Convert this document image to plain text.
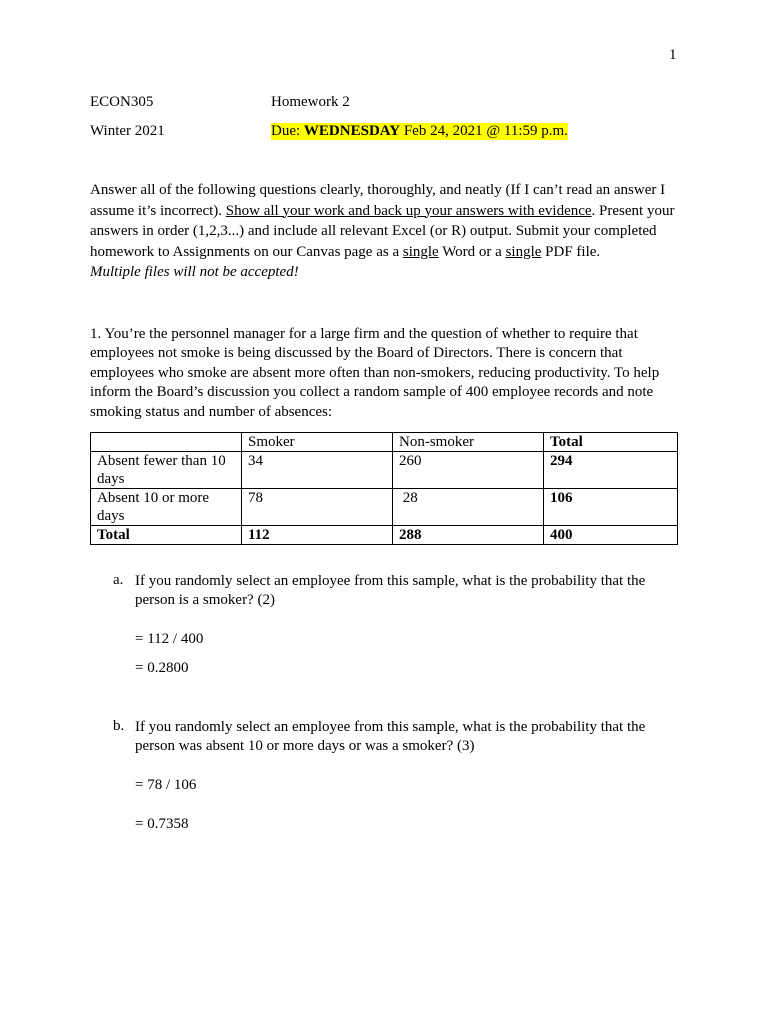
1
ECON305	Homework 2
Winter 2021	Due: WEDNESDAY Feb 24, 2021 @ 11:59 p.m.
Answer all of the following questions clearly, thoroughly, and neatly (If I can’t read an answer I assume it’s incorrect). Show all your work and back up your answers with evidence. Present your answers in order (1,2,3...) and include all relevant Excel (or R) output. Submit your completed homework to Assignments on our Canvas page as a single Word or a single PDF file.
Multiple files will not be accepted!
1. You’re the personnel manager for a large firm and the question of whether to require that employees not smoke is being discussed by the Board of Directors. There is concern that employees who smoke are absent more often than non-smokers, reducing productivity. To help inform the Board’s discussion you collect a random sample of 400 employee records and note smoking status and number of absences:
	Smoker	Non-smoker	Total
Absent fewer than 10 days	34	260	294
Absent 10 or more days	78	28	106
Total	112	288	400
a. If you randomly select an employee from this sample, what is the probability that the person is a smoker? (2)
= 112 / 400
= 0.2800
b. If you randomly select an employee from this sample, what is the probability that the person was absent 10 or more days or was a smoker? (3)
= 78 / 106
= 0.7358
